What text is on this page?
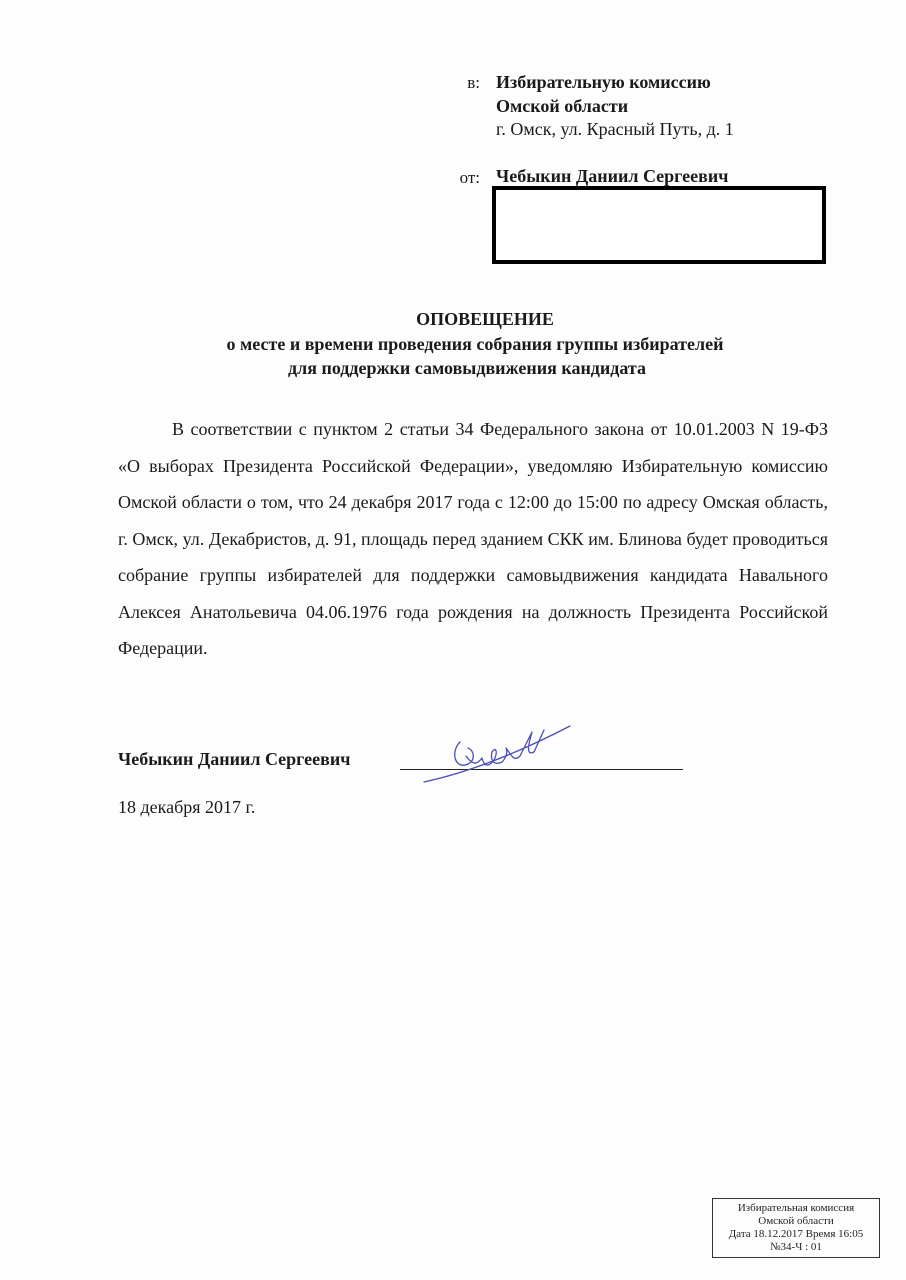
в: Избирательную комиссию
Омской области
г. Омск, ул. Красный Путь, д. 1
от: Чебыкин Даниил Сергеевич
ОПОВЕЩЕНИЕ
о месте и времени проведения собрания группы избирателей
для поддержки самовыдвижения кандидата
В соответствии с пунктом 2 статьи 34 Федерального закона от 10.01.2003 N 19-ФЗ «О выборах Президента Российской Федерации», уведомляю Избирательную комиссию Омской области о том, что 24 декабря 2017 года с 12:00 до 15:00 по адресу Омская область, г. Омск, ул. Декабристов, д. 91, площадь перед зданием СКК им. Блинова будет проводиться собрание группы избирателей для поддержки самовыдвижения кандидата Навального Алексея Анатольевича 04.06.1976 года рождения на должность Президента Российской Федерации.
Чебыкин Даниил Сергеевич
18 декабря 2017 г.
Избирательная комиссия
Омской области
Дата 18.12.2017 Время 16:05
№34-Ч : 01
